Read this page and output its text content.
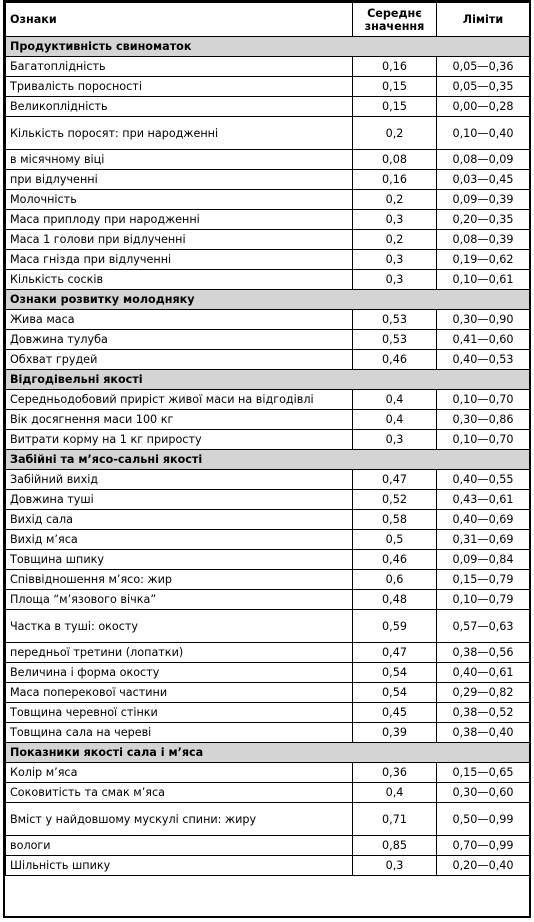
Ознаки	Середнє значення	Ліміти
Продуктивність свиноматок		
Багатоплідність	0,16	0,05—0,36
Тривалість поросності	0,15	0,05—0,35
Великоплідність	0,15	0,00—0,28
Кількість поросят: при народженні	0,2	0,10—0,40
в місячному віці	0,08	0,08—0,09
при відлученні	0,16	0,03—0,45
Молочність	0,2	0,09—0,39
Маса приплоду при народженні	0,3	0,20—0,35
Маса 1 голови при відлученні	0,2	0,08—0,39
Маса гнізда при відлученні	0,3	0,19—0,62
Кількість сосків	0,3	0,10—0,61
Ознаки розвитку молодняку		
Жива маса	0,53	0,30—0,90
Довжина тулуба	0,53	0,41—0,60
Обхват грудей	0,46	0,40—0,53
Відгодівельні якості		
Середньодобовий приріст живої маси на відгодівлі	0,4	0,10—0,70
Вік досягнення маси 100 кг	0,4	0,30—0,86
Витрати корму на 1 кг приросту	0,3	0,10—0,70
Забійні та м’ясо-сальні якості		
Забійний вихід	0,47	0,40—0,55
Довжина туші	0,52	0,43—0,61
Вихід сала	0,58	0,40—0,69
Вихід м’яса	0,5	0,31—0,69
Товщина шпику	0,46	0,09—0,84
Співвідношення м’ясо: жир	0,6	0,15—0,79
Площа “м’язового вічка”	0,48	0,10—0,79
Частка в туші: окосту	0,59	0,57—0,63
передньої третини (лопатки)	0,47	0,38—0,56
Величина і форма окосту	0,54	0,40—0,61
Маса поперекової частини	0,54	0,29—0,82
Товщина черевної стінки	0,45	0,38—0,52
Товщина сала на череві	0,39	0,38—0,40
Показники якості сала і м’яса		
Колір м’яса	0,36	0,15—0,65
Соковитість та смак м’яса	0,4	0,30—0,60
Вміст у найдовшому мускулі спини: жиру	0,71	0,50—0,99
вологи	0,85	0,70—0,99
Шільність шпику	0,3	0,20—0,40
